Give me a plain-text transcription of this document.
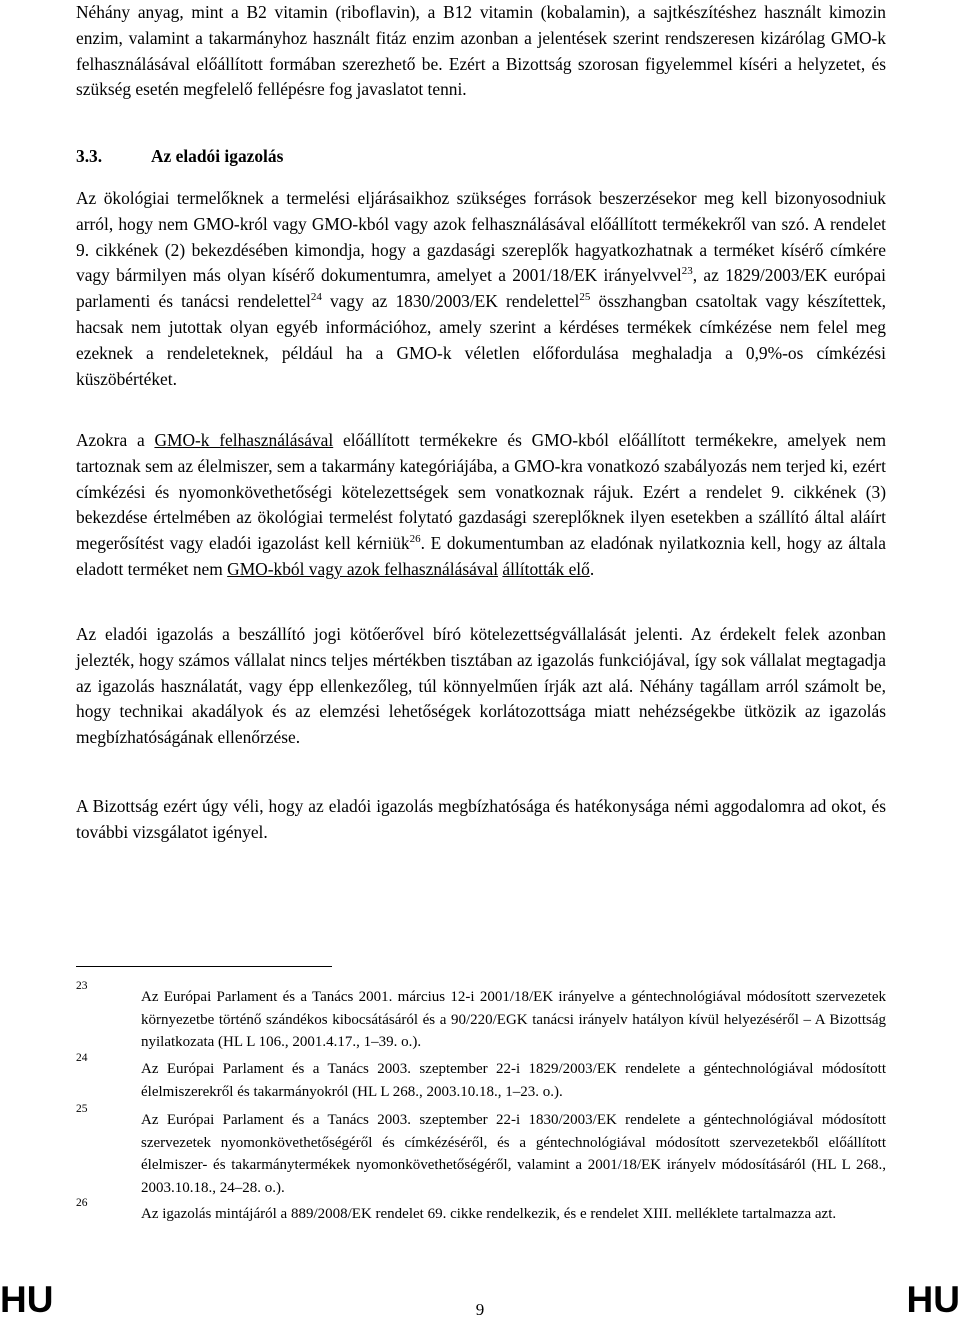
Néhány anyag, mint a B2 vitamin (riboflavin), a B12 vitamin (kobalamin), a sajtkészítéshez használt kimozin enzim, valamint a takarmányhoz használt fitáz enzim azonban a jelentések szerint rendszeresen kizárólag GMO-k felhasználásával előállított formában szerezhető be. Ezért a Bizottság szorosan figyelemmel kíséri a helyzetet, és szükség esetén megfelelő fellépésre fog javaslatot tenni.

3.3.	Az eladói igazolás

Az ökológiai termelőknek a termelési eljárásaikhoz szükséges források beszerzésekor meg kell bizonyosodniuk arról, hogy nem GMO-król vagy GMO-kból vagy azok felhasználásával előállított termékekről van szó. A rendelet 9. cikkének (2) bekezdésében kimondja, hogy a gazdasági szereplők hagyatkozhatnak a terméket kísérő címkére vagy bármilyen más olyan kísérő dokumentumra, amelyet a 2001/18/EK irányelvvel$^{23}$, az 1829/2003/EK európai parlamenti és tanácsi rendelettel$^{24}$ vagy az 1830/2003/EK rendelettel$^{25}$ összhangban csatoltak vagy készítettek, hacsak nem jutottak olyan egyéb információhoz, amely szerint a kérdéses termékek címkézése nem felel meg ezeknek a rendeleteknek, például ha a GMO-k véletlen előfordulása meghaladja a 0,9%-os címkézési küszöbértéket.

Azokra a GMO-k felhasználásával előállított termékekre és GMO-kból előállított termékekre, amelyek nem tartoznak sem az élelmiszer, sem a takarmány kategóriájába, a GMO-kra vonatkozó szabályozás nem terjed ki, ezért címkézési és nyomonkövethetőségi kötelezettségek sem vonatkoznak rájuk. Ezért a rendelet 9. cikkének (3) bekezdése értelmében az ökológiai termelést folytató gazdasági szereplőknek ilyen esetekben a szállító által aláírt megerősítést vagy eladói igazolást kell kérniük$^{26}$. E dokumentumban az eladónak nyilatkoznia kell, hogy az általa eladott terméket nem GMO-kból vagy azok felhasználásával állították elő.

Az eladói igazolás a beszállító jogi kötőerővel bíró kötelezettségvállalását jelenti. Az érdekelt felek azonban jelezték, hogy számos vállalat nincs teljes mértékben tisztában az igazolás funkciójával, így sok vállalat megtagadja az igazolás használatát, vagy épp ellenkezőleg, túl könnyelműen írják azt alá. Néhány tagállam arról számolt be, hogy technikai akadályok és az elemzési lehetőségek korlátozottsága miatt nehézségekbe ütközik az igazolás megbízhatóságának ellenőrzése.

A Bizottság ezért úgy véli, hogy az eladói igazolás megbízhatósága és hatékonysága némi aggodalomra ad okot, és további vizsgálatot igényel.

23
Az Európai Parlament és a Tanács 2001. március 12-i 2001/18/EK irányelve a géntechnológiával módosított szervezetek környezetbe történő szándékos kibocsátásáról és a 90/220/EGK tanácsi irányelv hatályon kívül helyezéséről – A Bizottság nyilatkozata (HL L 106., 2001.4.17., 1–39. o.).
24
Az Európai Parlament és a Tanács 2003. szeptember 22-i 1829/2003/EK rendelete a géntechnológiával módosított élelmiszerekről és takarmányokról (HL L 268., 2003.10.18., 1–23. o.).
25
Az Európai Parlament és a Tanács 2003. szeptember 22-i 1830/2003/EK rendelete a géntechnológiával módosított szervezetek nyomonkövethetőségéről és címkézéséről, és a géntechnológiával módosított szervezetekből előállított élelmiszer- és takarmánytermékek nyomonkövethetőségéről, valamint a 2001/18/EK irányelv módosításáról (HL L 268., 2003.10.18., 24–28. o.).
26
Az igazolás mintájáról a 889/2008/EK rendelet 69. cikke rendelkezik, és e rendelet XIII. melléklete tartalmazza azt.
HU	9	HU
